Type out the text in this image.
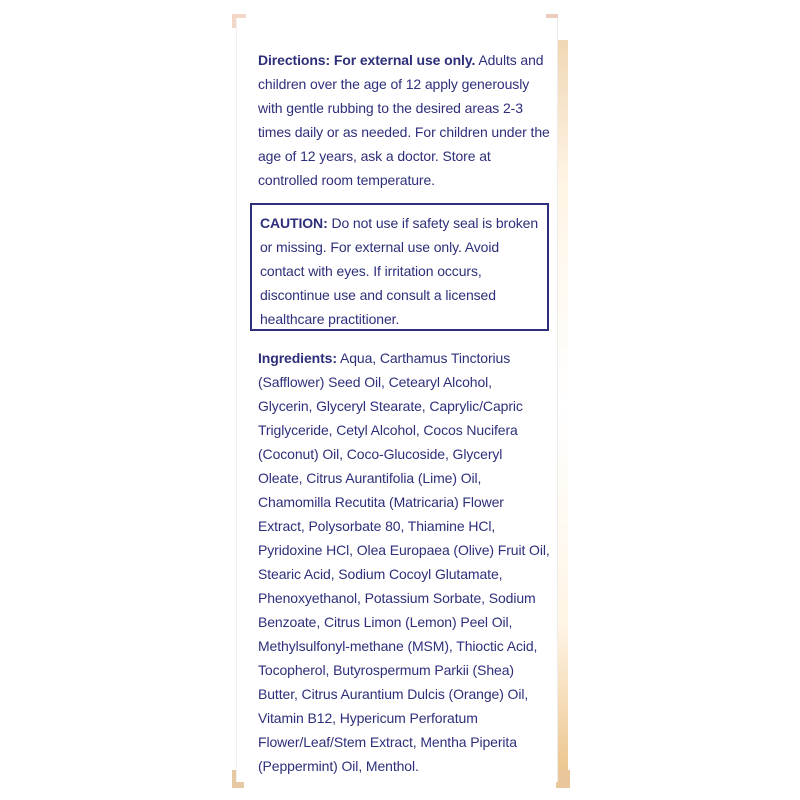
Directions: For external use only. Adults and children over the age of 12 apply generously with gentle rubbing to the desired areas 2-3 times daily or as needed. For children under the age of 12 years, ask a doctor. Store at controlled room temperature.
CAUTION: Do not use if safety seal is broken or missing. For external use only. Avoid contact with eyes. If irritation occurs, discontinue use and consult a licensed healthcare practitioner.
Ingredients: Aqua, Carthamus Tinctorius (Safflower) Seed Oil, Cetearyl Alcohol, Glycerin, Glyceryl Stearate, Caprylic/Capric Triglyceride, Cetyl Alcohol, Cocos Nucifera (Coconut) Oil, Coco-Glucoside, Glyceryl Oleate, Citrus Aurantifolia (Lime) Oil, Chamomilla Recutita (Matricaria) Flower Extract, Polysorbate 80, Thiamine HCl, Pyridoxine HCl, Olea Europaea (Olive) Fruit Oil, Stearic Acid, Sodium Cocoyl Glutamate, Phenoxyethanol, Potassium Sorbate, Sodium Benzoate, Citrus Limon (Lemon) Peel Oil, Methylsulfonyl-methane (MSM), Thioctic Acid, Tocopherol, Butyrospermum Parkii (Shea) Butter, Citrus Aurantium Dulcis (Orange) Oil, Vitamin B12, Hypericum Perforatum Flower/Leaf/Stem Extract, Mentha Piperita (Peppermint) Oil, Menthol.
